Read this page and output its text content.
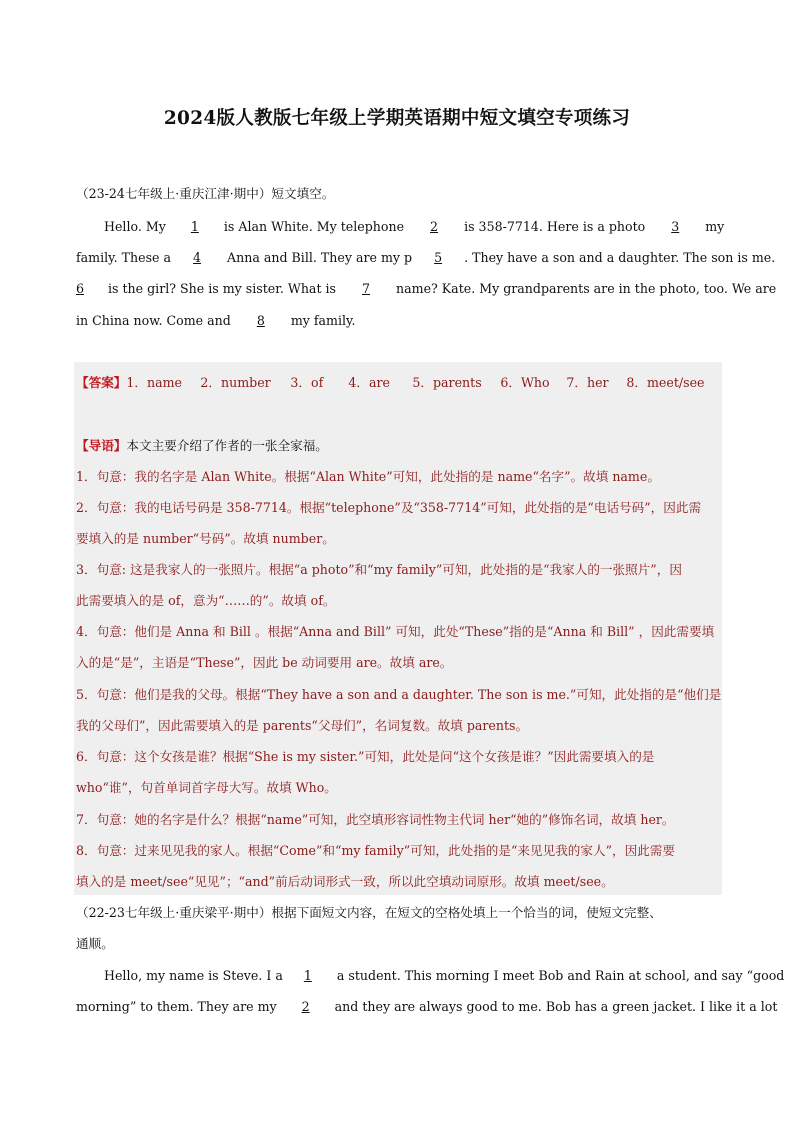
2024版人教版七年级上学期英语期中短文填空专项练习
（23-24七年级上·重庆江津·期中）短文填空。
Hello. My 1 is Alan White. My telephone 2 is 358-7714. Here is a photo 3 my
family. These a 4 Anna and Bill. They are my p 5 . They have a son and a daughter. The son is me.
6 is the girl? She is my sister. What is 7 name? Kate. My grandparents are in the photo, too. We are
in China now. Come and 8 my family.
【答案】1．name 2．number 3．of 4．are 5．parents 6．Who 7．her 8．meet/see
【导语】本文主要介绍了作者的一张全家福。
1．句意：我的名字是 Alan White。根据“Alan White”可知，此处指的是 name“名字”。故填 name。
2．句意：我的电话号码是 358-7714。根据“telephone”及“358-7714”可知，此处指的是“电话号码”，因此需
要填入的是 number“号码”。故填 number。
3．句意: 这是我家人的一张照片。根据“a photo”和“my family”可知，此处指的是“我家人的一张照片”，因
此需要填入的是 of，意为“……的”。故填 of。
4．句意：他们是 Anna 和 Bill 。根据“Anna and Bill” 可知，此处“These”指的是“Anna 和 Bill” ，因此需要填
入的是“是”，主语是“These”，因此 be 动词要用 are。故填 are。
5．句意：他们是我的父母。根据“They have a son and a daughter. The son is me.”可知，此处指的是“他们是
我的父母们”，因此需要填入的是 parents“父母们”，名词复数。故填 parents。
6．句意：这个女孩是谁？根据“She is my sister.”可知，此处是问“这个女孩是谁？”因此需要填入的是
who“谁”，句首单词首字母大写。故填 Who。
7．句意：她的名字是什么？根据“name”可知，此空填形容词性物主代词 her“她的”修饰名词，故填 her。
8．句意：过来见见我的家人。根据“Come”和“my family”可知，此处指的是“来见见我的家人”，因此需要
填入的是 meet/see“见见”；“and”前后动词形式一致，所以此空填动词原形。故填 meet/see。
（22-23七年级上·重庆梁平·期中）根据下面短文内容，在短文的空格处填上一个恰当的词，使短文完整、
通顺。
Hello, my name is Steve. I a 1 a student. This morning I meet Bob and Rain at school, and say “good
morning” to them. They are my 2 and they are always good to me. Bob has a green jacket. I like it a lot
